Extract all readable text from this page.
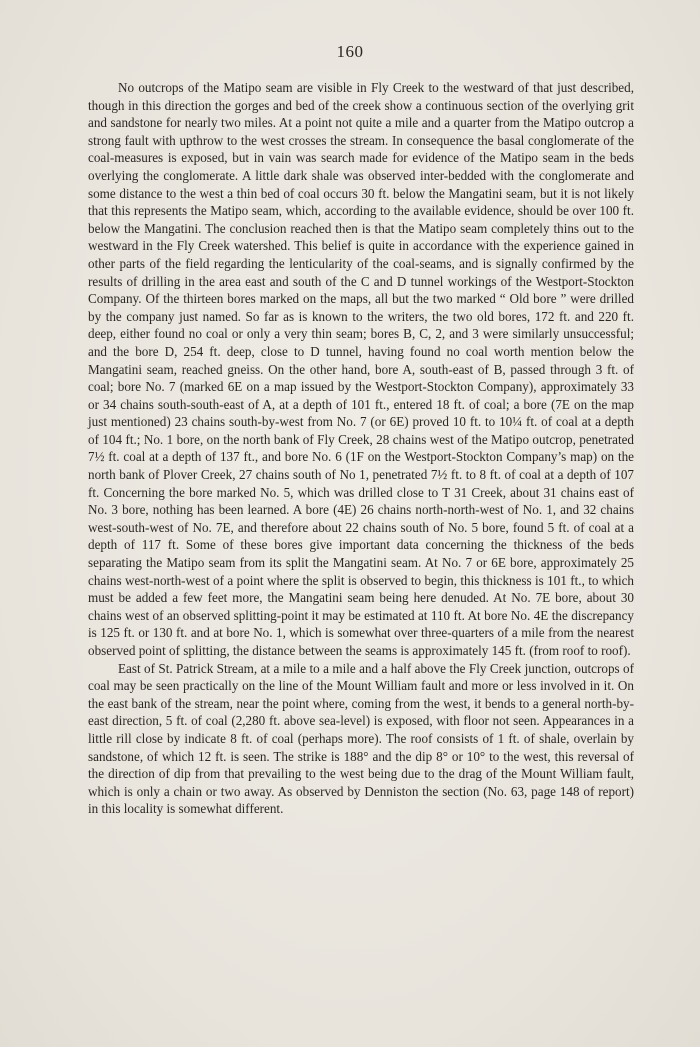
160

No outcrops of the Matipo seam are visible in Fly Creek to the westward of that just described, though in this direction the gorges and bed of the creek show a continuous section of the overlying grit and sandstone for nearly two miles. At a point not quite a mile and a quarter from the Matipo outcrop a strong fault with upthrow to the west crosses the stream. In consequence the basal conglomerate of the coal-measures is exposed, but in vain was search made for evidence of the Matipo seam in the beds overlying the conglomerate. A little dark shale was observed inter-bedded with the conglomerate and some distance to the west a thin bed of coal occurs 30 ft. below the Mangatini seam, but it is not likely that this represents the Matipo seam, which, according to the available evidence, should be over 100 ft. below the Mangatini. The conclusion reached then is that the Matipo seam completely thins out to the westward in the Fly Creek watershed. This belief is quite in accordance with the experience gained in other parts of the field regarding the lenticularity of the coal-seams, and is signally confirmed by the results of drilling in the area east and south of the C and D tunnel workings of the Westport-Stockton Company. Of the thirteen bores marked on the maps, all but the two marked “ Old bore ” were drilled by the company just named. So far as is known to the writers, the two old bores, 172 ft. and 220 ft. deep, either found no coal or only a very thin seam; bores B, C, 2, and 3 were similarly unsuccessful; and the bore D, 254 ft. deep, close to D tunnel, having found no coal worth mention below the Mangatini seam, reached gneiss. On the other hand, bore A, south-east of B, passed through 3 ft. of coal; bore No. 7 (marked 6E on a map issued by the Westport-Stockton Company), approximately 33 or 34 chains south-south-east of A, at a depth of 101 ft., entered 18 ft. of coal; a bore (7E on the map just mentioned) 23 chains south-by-west from No. 7 (or 6E) proved 10 ft. to 10¼ ft. of coal at a depth of 104 ft.; No. 1 bore, on the north bank of Fly Creek, 28 chains west of the Matipo outcrop, penetrated 7½ ft. coal at a depth of 137 ft., and bore No. 6 (1F on the Westport-Stockton Company’s map) on the north bank of Plover Creek, 27 chains south of No 1, penetrated 7½ ft. to 8 ft. of coal at a depth of 107 ft. Concerning the bore marked No. 5, which was drilled close to T 31 Creek, about 31 chains east of No. 3 bore, nothing has been learned. A bore (4E) 26 chains north-north-west of No. 1, and 32 chains west-south-west of No. 7E, and therefore about 22 chains south of No. 5 bore, found 5 ft. of coal at a depth of 117 ft. Some of these bores give important data concerning the thickness of the beds separating the Matipo seam from its split the Mangatini seam. At No. 7 or 6E bore, approximately 25 chains west-north-west of a point where the split is observed to begin, this thickness is 101 ft., to which must be added a few feet more, the Mangatini seam being here denuded. At No. 7E bore, about 30 chains west of an observed splitting-point it may be estimated at 110 ft. At bore No. 4E the discrepancy is 125 ft. or 130 ft. and at bore No. 1, which is somewhat over three-quarters of a mile from the nearest observed point of splitting, the distance between the seams is approximately 145 ft. (from roof to roof).

East of St. Patrick Stream, at a mile to a mile and a half above the Fly Creek junction, outcrops of coal may be seen practically on the line of the Mount William fault and more or less involved in it. On the east bank of the stream, near the point where, coming from the west, it bends to a general north-by-east direction, 5 ft. of coal (2,280 ft. above sea-level) is exposed, with floor not seen. Appearances in a little rill close by indicate 8 ft. of coal (perhaps more). The roof consists of 1 ft. of shale, overlain by sandstone, of which 12 ft. is seen. The strike is 188° and the dip 8° or 10° to the west, this reversal of the direction of dip from that prevailing to the west being due to the drag of the Mount William fault, which is only a chain or two away. As observed by Denniston the section (No. 63, page 148 of report) in this locality is somewhat different.
